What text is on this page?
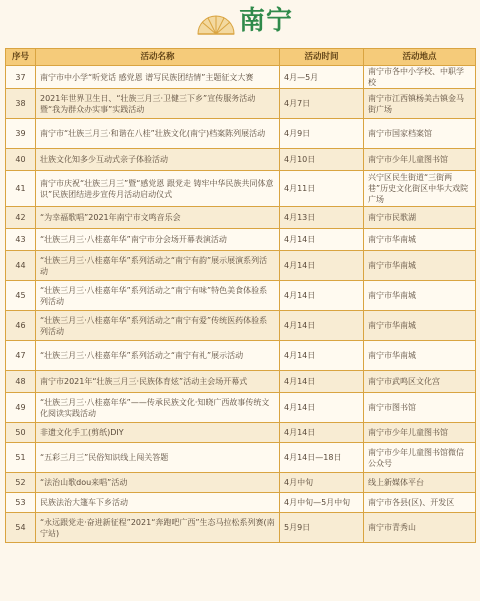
南宁
序号	活动名称	活动时间	活动地点
37	南宁市中小学“听党话 感党恩 谱写民族团结情”主题征文大赛	4月—5月	南宁市各中小学校、中职学校
38	2021年世界卫生日、“壮族三月三·卫健三下乡”宣传服务活动暨“我为群众办实事”实践活动	4月7日	南宁市江西镇杨美古镇金马街广场
39	南宁市“壮族三月三·和谐在八桂”壮族文化(南宁)档案陈列展活动	4月9日	南宁市国家档案馆
40	壮族文化知多少互动式亲子体验活动	4月10日	南宁市少年儿童图书馆
41	南宁市庆祝“壮族三月三”暨“感党恩 跟党走 铸牢中华民族共同体意识”民族团结进步宣传月活动启动仪式	4月11日	兴宁区民生街道“三街两巷”历史文化街区中华大戏院广场
42	“为幸福歌唱”2021年南宁市文鸣音乐会	4月13日	南宁市民歌湖
43	“壮族三月三·八桂嘉年华”南宁市分会场开幕表演活动	4月14日	南宁市华南城
44	“壮族三月三·八桂嘉年华”系列活动之“南宁有韵”展示展演系列活动	4月14日	南宁市华南城
45	“壮族三月三·八桂嘉年华”系列活动之“南宁有味”特色美食体验系列活动	4月14日	南宁市华南城
46	“壮族三月三·八桂嘉年华”系列活动之“南宁有爱”传统医药体验系列活动	4月14日	南宁市华南城
47	“壮族三月三·八桂嘉年华”系列活动之“南宁有礼”展示活动	4月14日	南宁市华南城
48	南宁市2021年“壮族三月三·民族体育炫”活动主会场开幕式	4月14日	南宁市武鸣区文化宫
49	“壮族三月三·八桂嘉年华”——传承民族文化·知晓广西故事传统文化阅读实践活动	4月14日	南宁市图书馆
50	非遗文化手工(剪纸)DIY	4月14日	南宁市少年儿童图书馆
51	“五彩三月三”民俗知识线上闯关答题	4月14日—18日	南宁市少年儿童图书馆微信公众号
52	“法治山歌dou来唱”活动	4月中旬	线上新媒体平台
53	民族法治大篷车下乡活动	4月中旬—5月中旬	南宁市各县(区)、开发区
54	“永远跟党走·奋进新征程”2021“奔跑吧广西”生态马拉松系列赛(南宁站)	5月9日	南宁市青秀山
